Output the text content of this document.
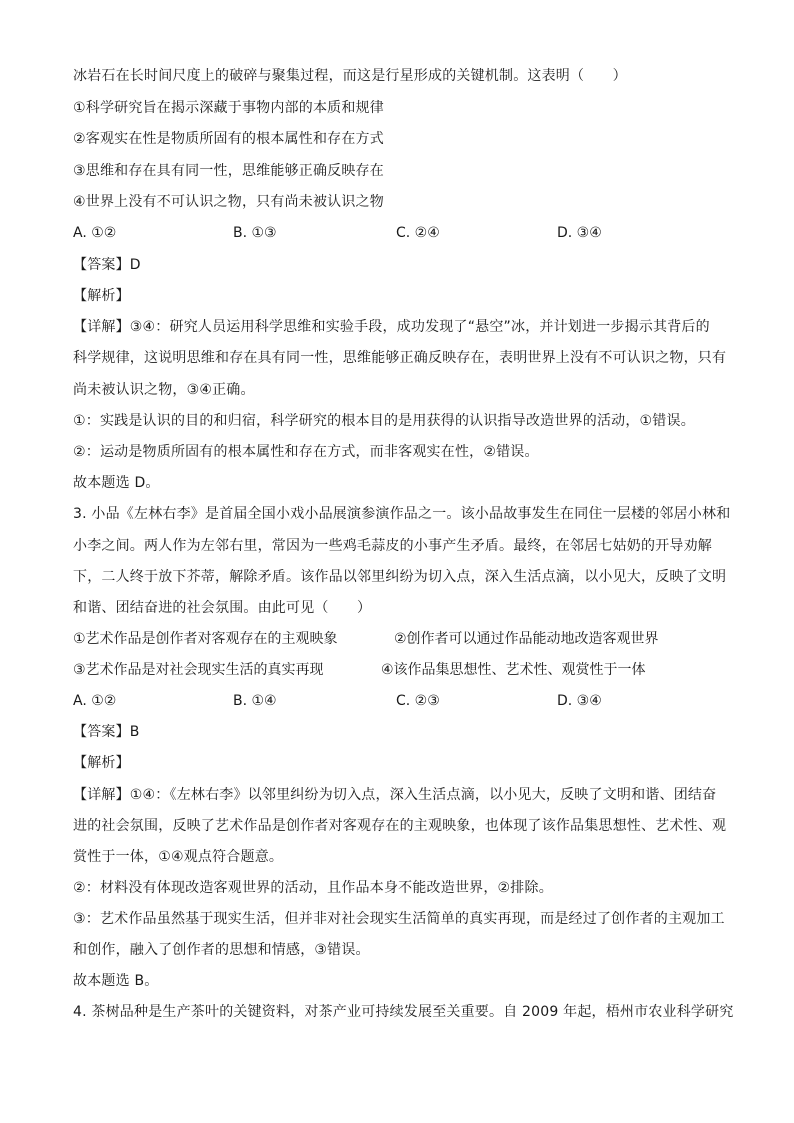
冰岩石在长时间尺度上的破碎与聚集过程，而这是行星形成的关键机制。这表明（　　）
①科学研究旨在揭示深藏于事物内部的本质和规律
②客观实在性是物质所固有的根本属性和存在方式
③思维和存在具有同一性，思维能够正确反映存在
④世界上没有不可认识之物，只有尚未被认识之物
A. ①②	B. ①③	C. ②④	D. ③④
【答案】D
【解析】
【详解】③④：研究人员运用科学思维和实验手段，成功发现了“悬空”冰，并计划进一步揭示其背后的
科学规律，这说明思维和存在具有同一性，思维能够正确反映存在，表明世界上没有不可认识之物，只有
尚未被认识之物，③④正确。
①：实践是认识的目的和归宿，科学研究的根本目的是用获得的认识指导改造世界的活动，①错误。
②：运动是物质所固有的根本属性和存在方式，而非客观实在性，②错误。
故本题选 D。
3. 小品《左林右李》是首届全国小戏小品展演参演作品之一。该小品故事发生在同住一层楼的邻居小林和
小李之间。两人作为左邻右里，常因为一些鸡毛蒜皮的小事产生矛盾。最终，在邻居七姑奶的开导劝解
下，二人终于放下芥蒂，解除矛盾。该作品以邻里纠纷为切入点，深入生活点滴，以小见大，反映了文明
和谐、团结奋进的社会氛围。由此可见（　　）
①艺术作品是创作者对客观存在的主观映象	②创作者可以通过作品能动地改造客观世界
③艺术作品是对社会现实生活的真实再现	④该作品集思想性、艺术性、观赏性于一体
A. ①②	B. ①④	C. ②③	D. ③④
【答案】B
【解析】
【详解】①④：《左林右李》以邻里纠纷为切入点，深入生活点滴，以小见大，反映了文明和谐、团结奋
进的社会氛围，反映了艺术作品是创作者对客观存在的主观映象，也体现了该作品集思想性、艺术性、观
赏性于一体，①④观点符合题意。
②：材料没有体现改造客观世界的活动，且作品本身不能改造世界，②排除。
③：艺术作品虽然基于现实生活，但并非对社会现实生活简单的真实再现，而是经过了创作者的主观加工
和创作，融入了创作者的思想和情感，③错误。
故本题选 B。
4. 茶树品种是生产茶叶的关键资料，对茶产业可持续发展至关重要。自 2009 年起，梧州市农业科学研究
